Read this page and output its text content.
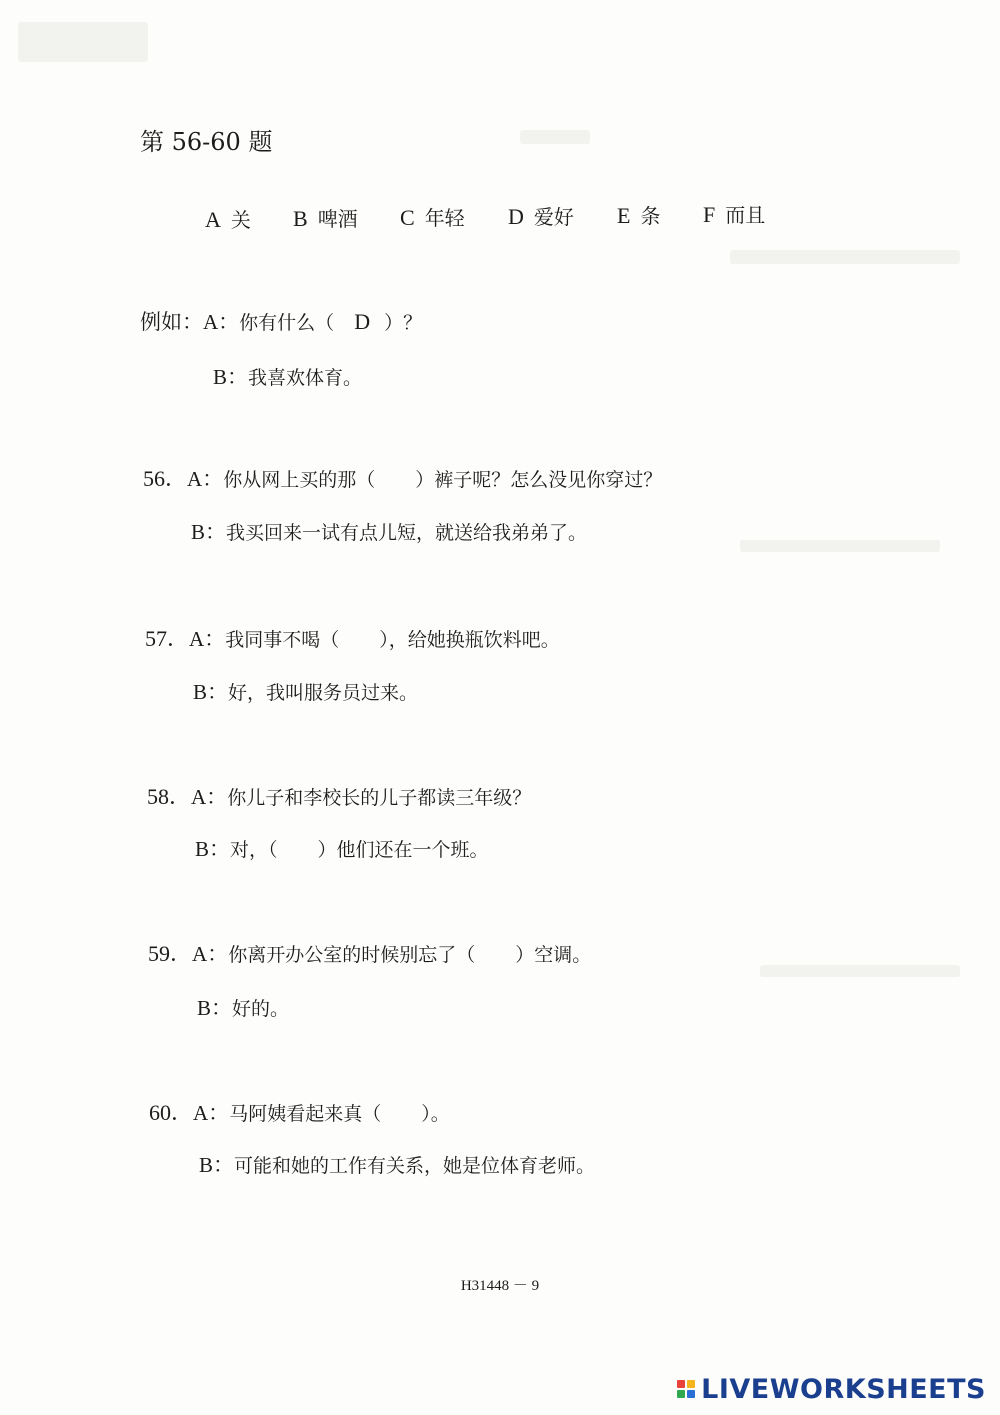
第 56-60 题
A 关 B 啤酒 C 年轻 D 爱好 E 条 F 而且
例如：A：你有什么（ D ）？
B：我喜欢体育。
56．A：你从网上买的那（ ）裤子呢？怎么没见你穿过？
B：我买回来一试有点儿短，就送给我弟弟了。
57．A：我同事不喝（ ），给她换瓶饮料吧。
B：好，我叫服务员过来。
58．A：你儿子和李校长的儿子都读三年级？
B：对，（ ）他们还在一个班。
59．A：你离开办公室的时候别忘了（ ）空调。
B：好的。
60．A：马阿姨看起来真（ ）。
B：可能和她的工作有关系，她是位体育老师。
H31448 － 9
LIVEWORKSHEETS
